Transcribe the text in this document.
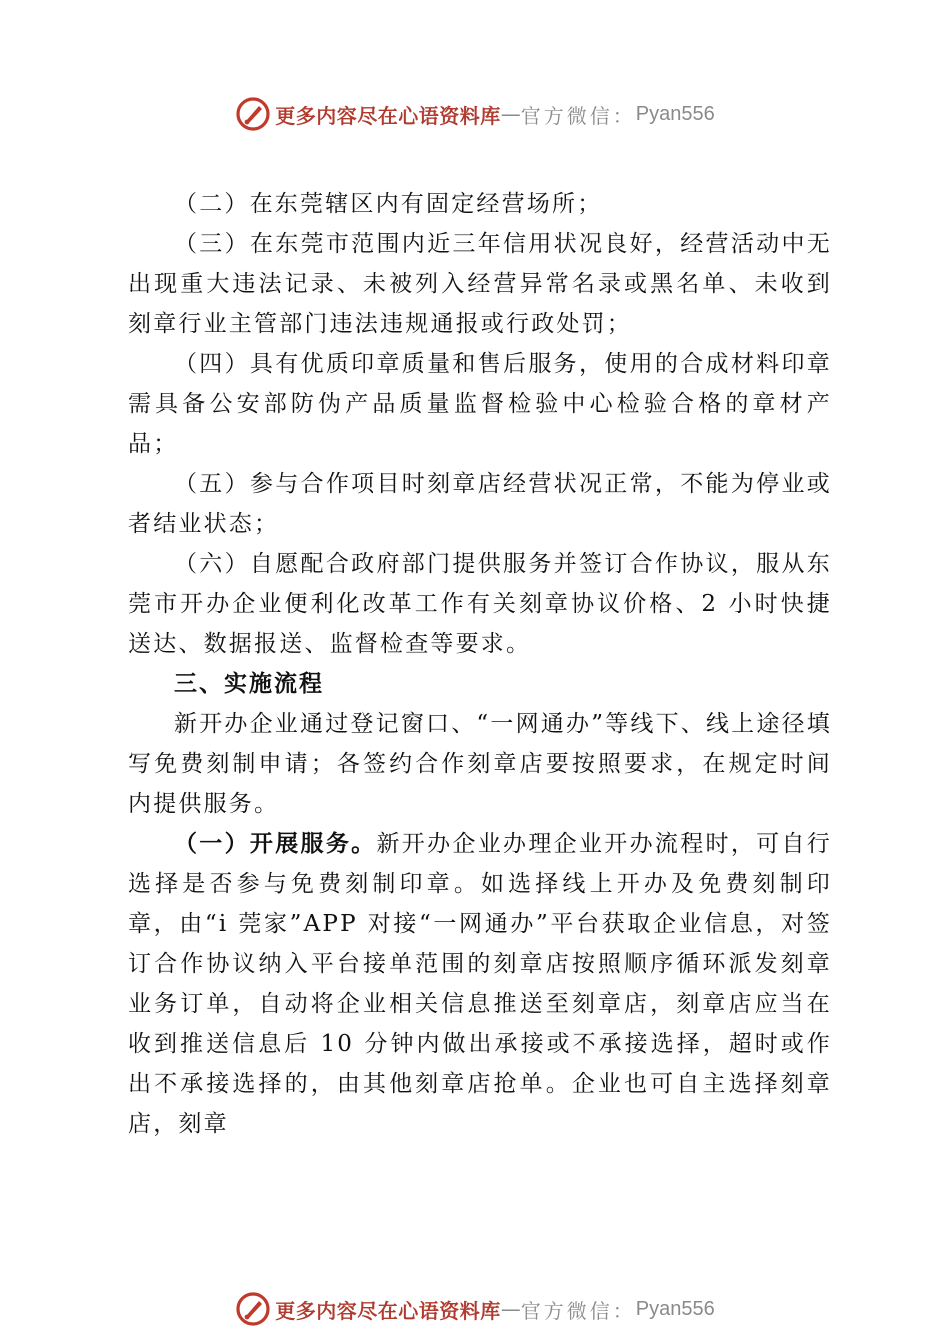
更多内容尽在心语资料库 — 官方微信： Pyan556

（二）在东莞辖区内有固定经营场所；

（三）在东莞市范围内近三年信用状况良好，经营活动中无出现重大违法记录、未被列入经营异常名录或黑名单、未收到刻章行业主管部门违法违规通报或行政处罚；

（四）具有优质印章质量和售后服务，使用的合成材料印章需具备公安部防伪产品质量监督检验中心检验合格的章材产品；

（五）参与合作项目时刻章店经营状况正常，不能为停业或者结业状态；

（六）自愿配合政府部门提供服务并签订合作协议，服从东莞市开办企业便利化改革工作有关刻章协议价格、2 小时快捷送达、数据报送、监督检查等要求。

三、实施流程

新开办企业通过登记窗口、“一网通办”等线下、线上途径填写免费刻制申请；各签约合作刻章店要按照要求，在规定时间内提供服务。

（一）开展服务。新开办企业办理企业开办流程时，可自行选择是否参与免费刻制印章。如选择线上开办及免费刻制印章，由“i 莞家”APP 对接“一网通办”平台获取企业信息，对签订合作协议纳入平台接单范围的刻章店按照顺序循环派发刻章业务订单，自动将企业相关信息推送至刻章店，刻章店应当在收到推送信息后 10 分钟内做出承接或不承接选择，超时或作出不承接选择的，由其他刻章店抢单。企业也可自主选择刻章店，刻章

更多内容尽在心语资料库 — 官方微信： Pyan556
